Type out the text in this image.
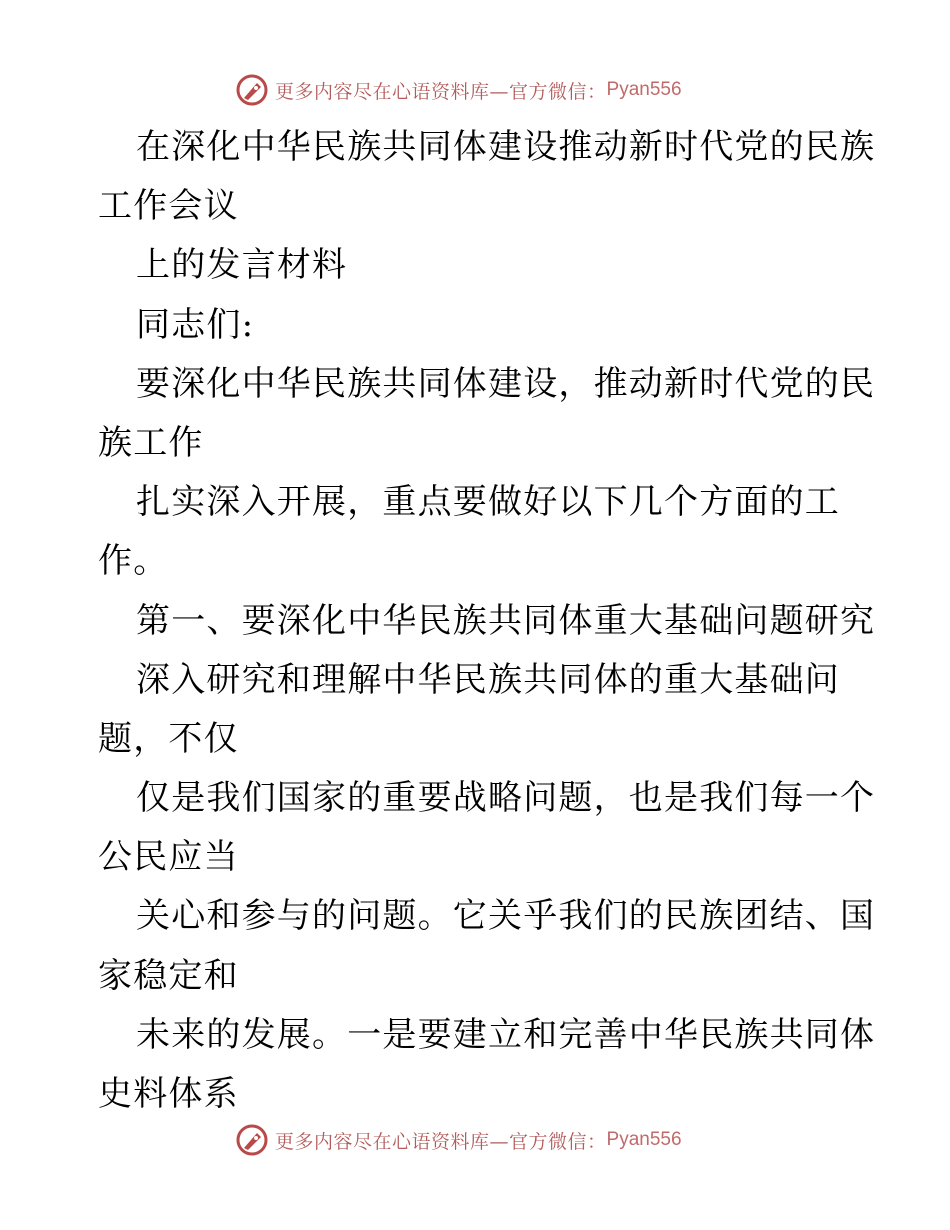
更多内容尽在心语资料库—官方微信： Pyan556
在深化中华民族共同体建设推动新时代党的民族
工作会议
上的发言材料
同志们:
要深化中华民族共同体建设，推动新时代党的民
族工作
扎实深入开展，重点要做好以下几个方面的工
作。
第一、要深化中华民族共同体重大基础问题研究
深入研究和理解中华民族共同体的重大基础问
题，不仅
仅是我们国家的重要战略问题，也是我们每一个
公民应当
关心和参与的问题。它关乎我们的民族团结、国
家稳定和
未来的发展。一是要建立和完善中华民族共同体
史料体系
更多内容尽在心语资料库—官方微信： Pyan556
